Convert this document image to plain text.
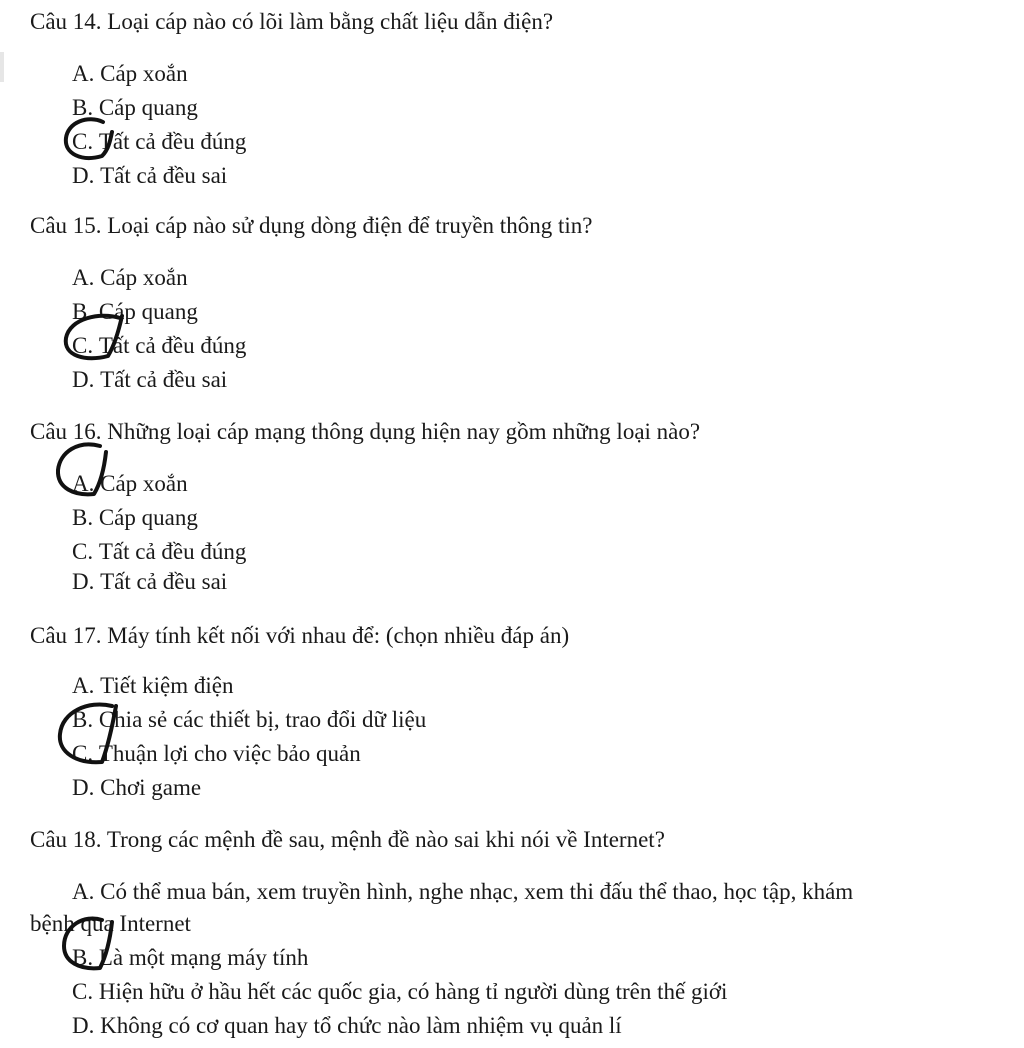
Câu 14. Loại cáp nào có lõi làm bằng chất liệu dẫn điện?
A. Cáp xoắn
B. Cáp quang
C. Tất cả đều đúng
D. Tất cả đều sai
Câu 15. Loại cáp nào sử dụng dòng điện để truyền thông tin?
A. Cáp xoắn
B. Cáp quang
C. Tất cả đều đúng
D. Tất cả đều sai
Câu 16. Những loại cáp mạng thông dụng hiện nay gồm những loại nào?
A. Cáp xoắn
B. Cáp quang
C. Tất cả đều đúng
D. Tất cả đều sai
Câu 17. Máy tính kết nối với nhau để: (chọn nhiều đáp án)
A. Tiết kiệm điện
B. Chia sẻ các thiết bị, trao đổi dữ liệu
C. Thuận lợi cho việc bảo quản
D. Chơi game
Câu 18. Trong các mệnh đề sau, mệnh đề nào sai khi nói về Internet?
A. Có thể mua bán, xem truyền hình, nghe nhạc, xem thi đấu thể thao, học tập, khám
bệnh qua Internet
B. Là một mạng máy tính
C. Hiện hữu ở hầu hết các quốc gia, có hàng tỉ người dùng trên thế giới
D. Không có cơ quan hay tổ chức nào làm nhiệm vụ quản lí
